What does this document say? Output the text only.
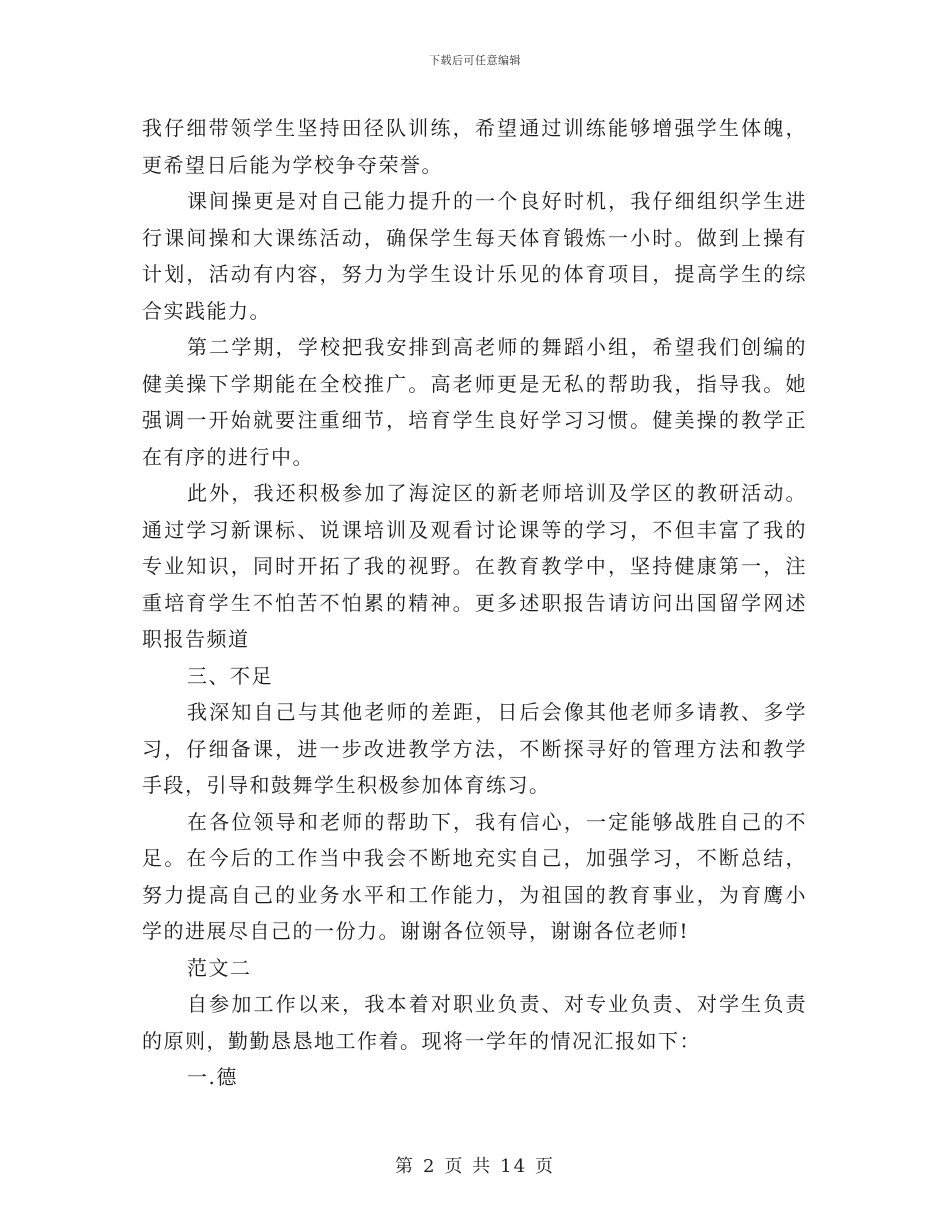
下载后可任意编辑

我仔细带领学生坚持田径队训练，希望通过训练能够增强学生体魄，更希望日后能为学校争夺荣誉。

课间操更是对自己能力提升的一个良好时机，我仔细组织学生进行课间操和大课练活动，确保学生每天体育锻炼一小时。做到上操有计划，活动有内容，努力为学生设计乐见的体育项目，提高学生的综合实践能力。

第二学期，学校把我安排到高老师的舞蹈小组，希望我们创编的健美操下学期能在全校推广。高老师更是无私的帮助我，指导我。她强调一开始就要注重细节，培育学生良好学习习惯。健美操的教学正在有序的进行中。

此外，我还积极参加了海淀区的新老师培训及学区的教研活动。通过学习新课标、说课培训及观看讨论课等的学习，不但丰富了我的专业知识，同时开拓了我的视野。在教育教学中，坚持健康第一，注重培育学生不怕苦不怕累的精神。更多述职报告请访问出国留学网述职报告频道

三、不足

我深知自己与其他老师的差距，日后会像其他老师多请教、多学习，仔细备课，进一步改进教学方法，不断探寻好的管理方法和教学手段，引导和鼓舞学生积极参加体育练习。

在各位领导和老师的帮助下，我有信心，一定能够战胜自己的不足。在今后的工作当中我会不断地充实自己，加强学习，不断总结，努力提高自己的业务水平和工作能力，为祖国的教育事业，为育鹰小学的进展尽自己的一份力。谢谢各位领导，谢谢各位老师!

范文二

自参加工作以来，我本着对职业负责、对专业负责、对学生负责的原则，勤勤恳恳地工作着。现将一学年的情况汇报如下：

一.德

第 2 页 共 14 页
